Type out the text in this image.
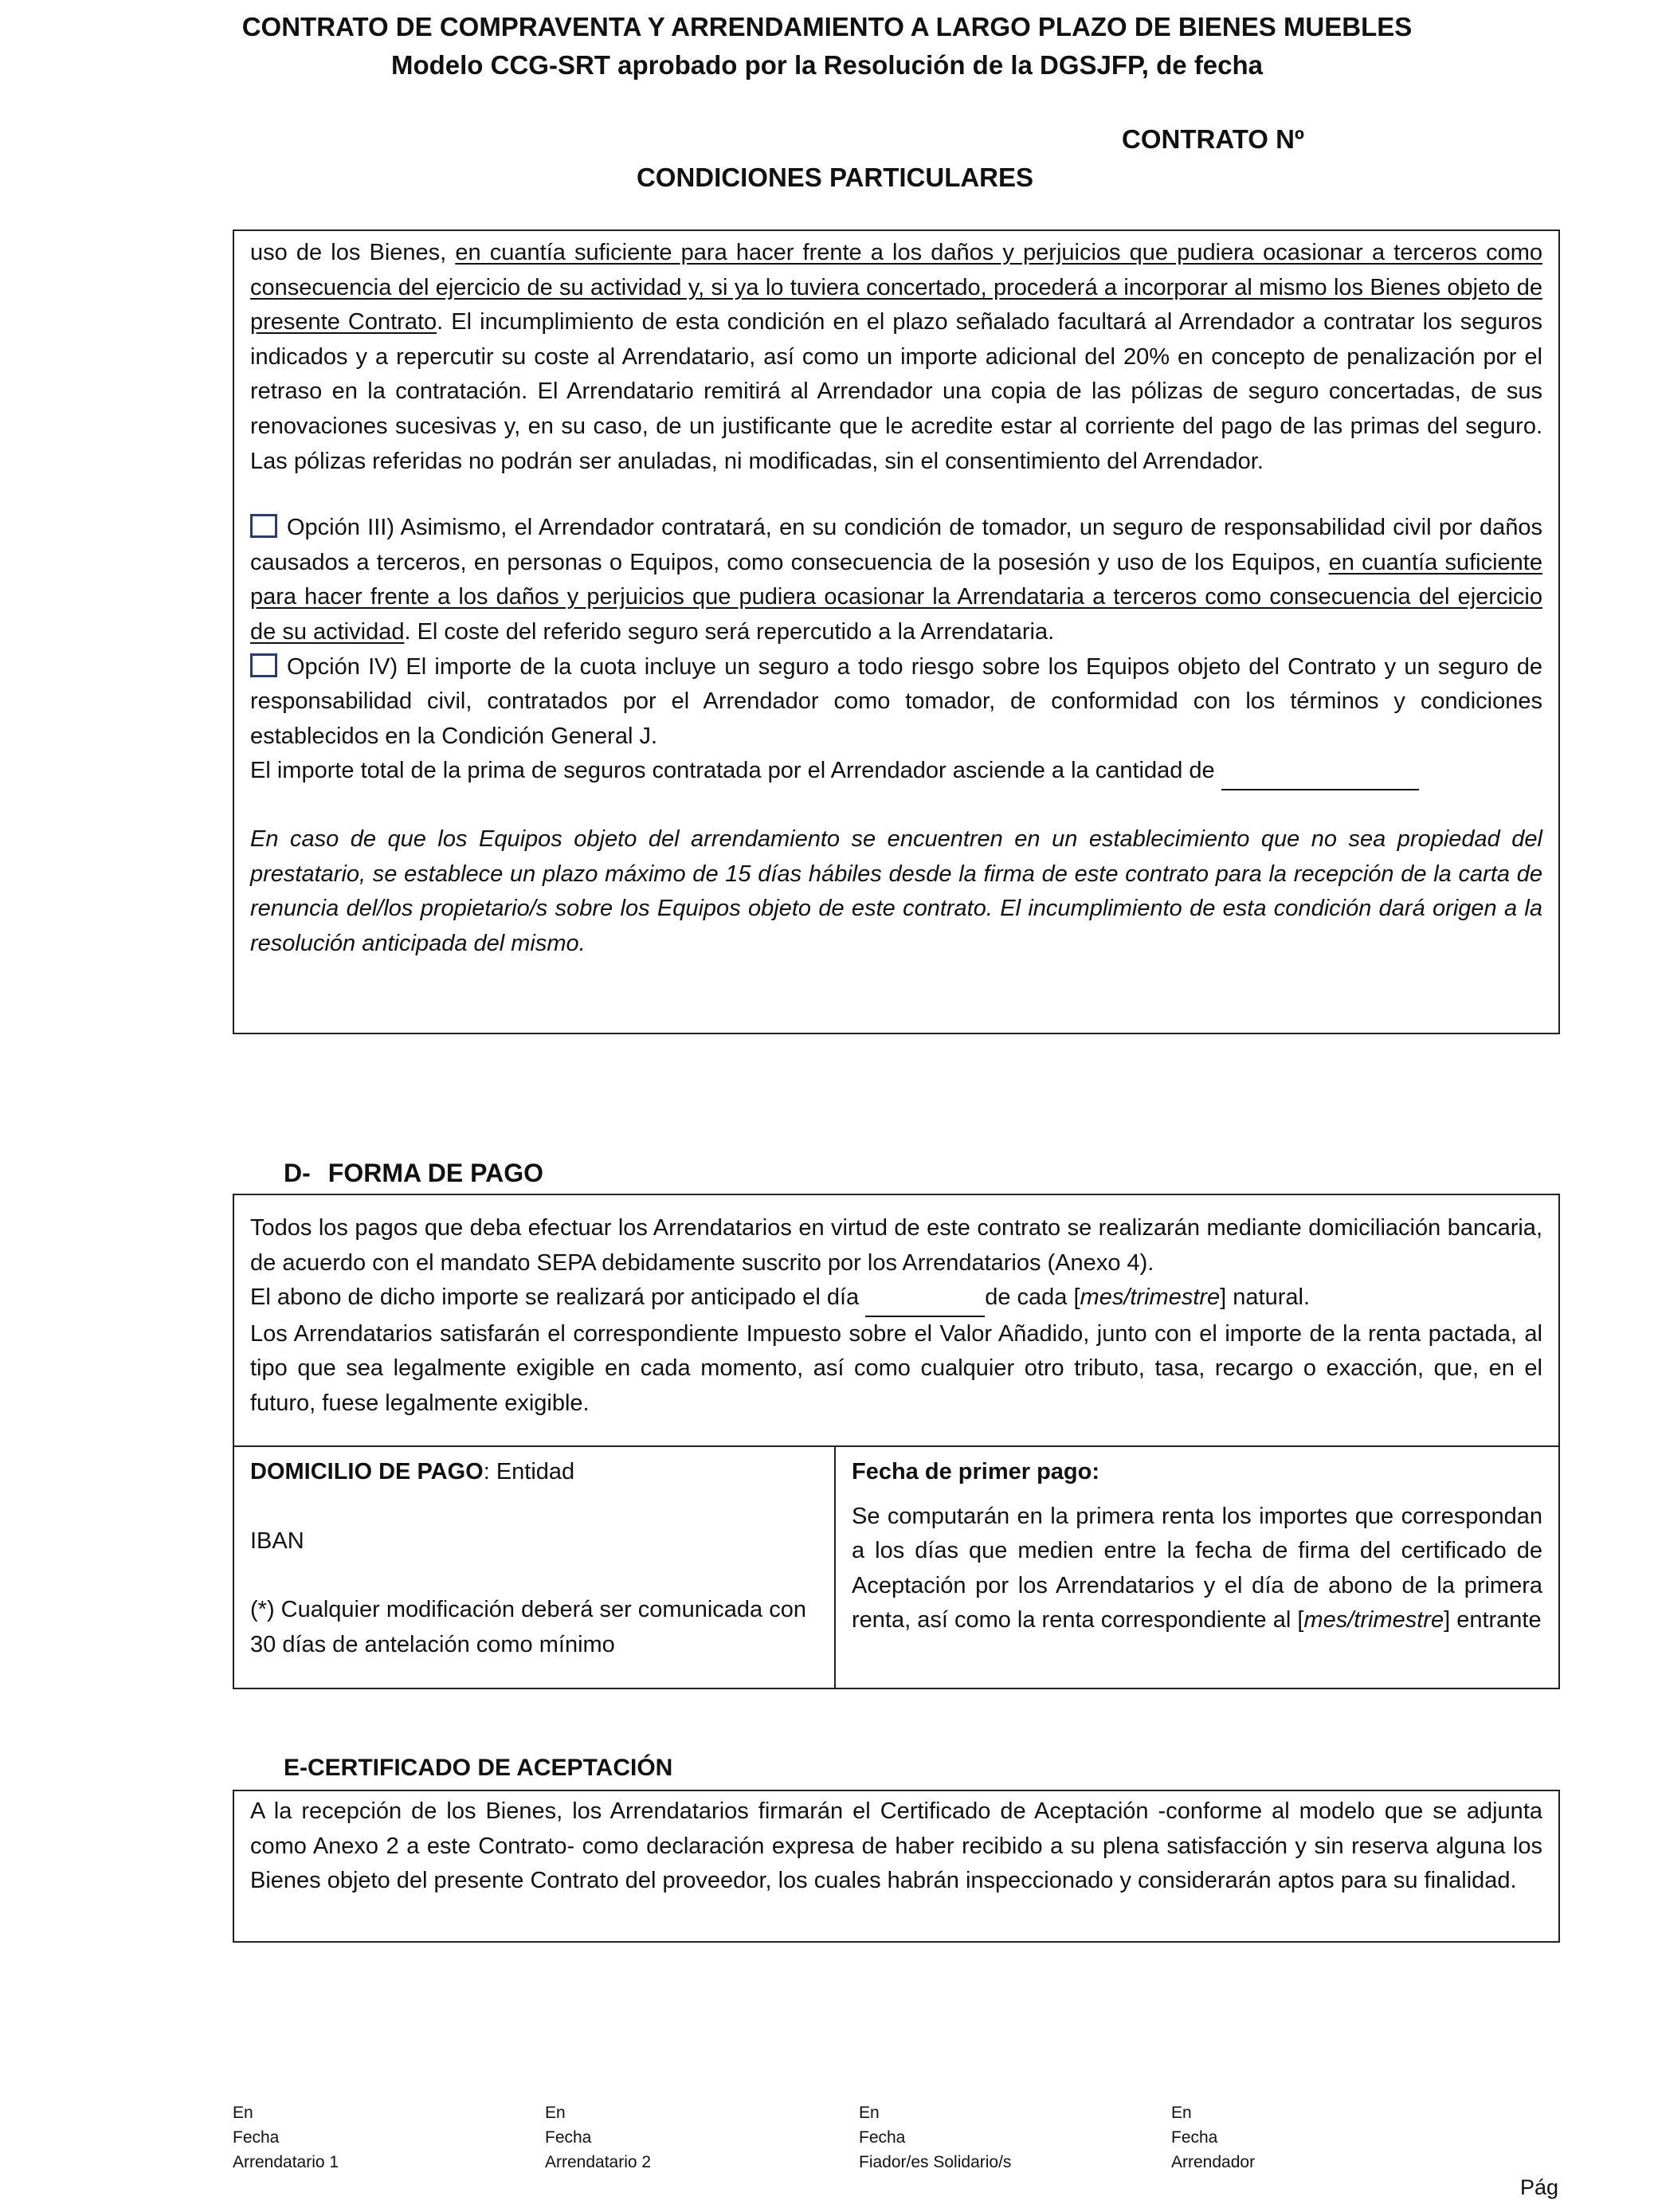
CONTRATO DE COMPRAVENTA Y ARRENDAMIENTO A LARGO PLAZO DE BIENES MUEBLES
Modelo CCG-SRT aprobado por la Resolución de la DGSJFP, de fecha
CONTRATO Nº
CONDICIONES PARTICULARES

uso de los Bienes, en cuantía suficiente para hacer frente a los daños y perjuicios que pudiera ocasionar a terceros como consecuencia del ejercicio de su actividad y, si ya lo tuviera concertado, procederá a incorporar al mismo los Bienes objeto de presente Contrato. El incumplimiento de esta condición en el plazo señalado facultará al Arrendador a contratar los seguros indicados y a repercutir su coste al Arrendatario, así como un importe adicional del 20% en concepto de penalización por el retraso en la contratación. El Arrendatario remitirá al Arrendador una copia de las pólizas de seguro concertadas, de sus renovaciones sucesivas y, en su caso, de un justificante que le acredite estar al corriente del pago de las primas del seguro. Las pólizas referidas no podrán ser anuladas, ni modificadas, sin el consentimiento del Arrendador.

Opción III) Asimismo, el Arrendador contratará, en su condición de tomador, un seguro de responsabilidad civil por daños causados a terceros, en personas o Equipos, como consecuencia de la posesión y uso de los Equipos, en cuantía suficiente para hacer frente a los daños y perjuicios que pudiera ocasionar la Arrendataria a terceros como consecuencia del ejercicio de su actividad. El coste del referido seguro será repercutido a la Arrendataria.

Opción IV) El importe de la cuota incluye un seguro a todo riesgo sobre los Equipos objeto del Contrato y un seguro de responsabilidad civil, contratados por el Arrendador como tomador, de conformidad con los términos y condiciones establecidos en la Condición General J.

El importe total de la prima de seguros contratada por el Arrendador asciende a la cantidad de

En caso de que los Equipos objeto del arrendamiento se encuentren en un establecimiento que no sea propiedad del prestatario, se establece un plazo máximo de 15 días hábiles desde la firma de este contrato para la recepción de la carta de renuncia del/los propietario/s sobre los Equipos objeto de este contrato. El incumplimiento de esta condición dará origen a la resolución anticipada del mismo.

D- FORMA DE PAGO

Todos los pagos que deba efectuar los Arrendatarios en virtud de este contrato se realizarán mediante domiciliación bancaria, de acuerdo con el mandato SEPA debidamente suscrito por los Arrendatarios (Anexo 4).

El abono de dicho importe se realizará por anticipado el día	de cada [mes/trimestre] natural.

Los Arrendatarios satisfarán el correspondiente Impuesto sobre el Valor Añadido, junto con el importe de la renta pactada, al tipo que sea legalmente exigible en cada momento, así como cualquier otro tributo, tasa, recargo o exacción, que, en el futuro, fuese legalmente exigible.

DOMICILIO DE PAGO: Entidad

IBAN

(*) Cualquier modificación deberá ser comunicada con 30 días de antelación como mínimo

Fecha de primer pago:

Se computarán en la primera renta los importes que correspondan a los días que medien entre la fecha de firma del certificado de Aceptación por los Arrendatarios y el día de abono de la primera renta, así como la renta correspondiente al [mes/trimestre] entrante

E-CERTIFICADO DE ACEPTACIÓN

A la recepción de los Bienes, los Arrendatarios firmarán el Certificado de Aceptación -conforme al modelo que se adjunta como Anexo 2 a este Contrato- como declaración expresa de haber recibido a su plena satisfacción y sin reserva alguna los Bienes objeto del presente Contrato del proveedor, los cuales habrán inspeccionado y considerarán aptos para su finalidad.

En
Fecha
Arrendatario 1
En
Fecha
Arrendatario 2
En
Fecha
Fiador/es Solidario/s
En
Fecha
Arrendador
Pág
